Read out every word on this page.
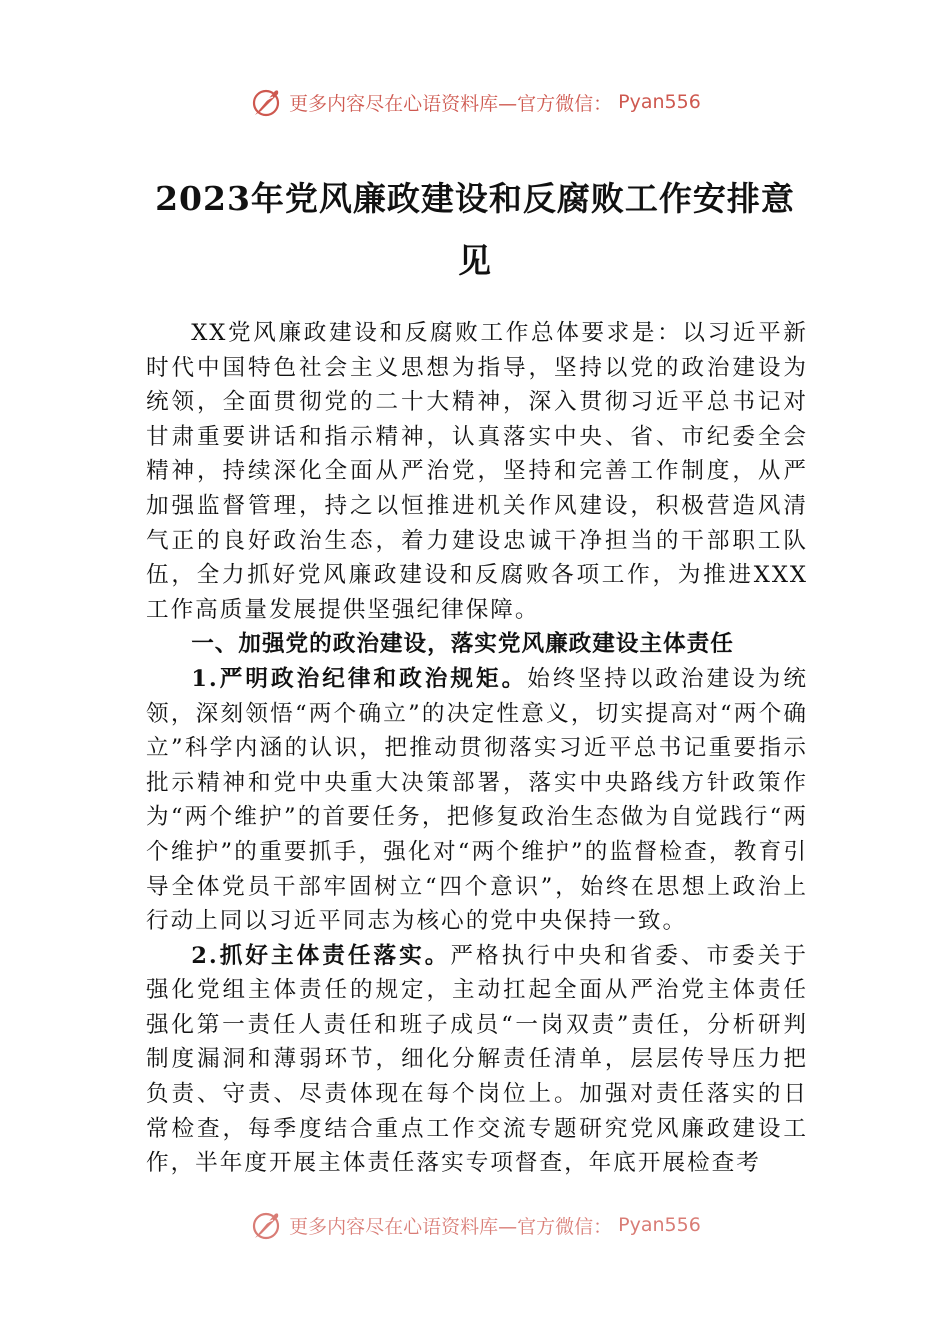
更多内容尽在心语资料库—官方微信： Pyan556
2023年党风廉政建设和反腐败工作安排意见

XX党风廉政建设和反腐败工作总体要求是：以习近平新时代中国特色社会主义思想为指导，坚持以党的政治建设为统领，全面贯彻党的二十大精神，深入贯彻习近平总书记对甘肃重要讲话和指示精神，认真落实中央、省、市纪委全会精神，持续深化全面从严治党，坚持和完善工作制度，从严加强监督管理，持之以恒推进机关作风建设，积极营造风清气正的良好政治生态，着力建设忠诚干净担当的干部职工队伍，全力抓好党风廉政建设和反腐败各项工作，为推进XXX工作高质量发展提供坚强纪律保障。

一、加强党的政治建设，落实党风廉政建设主体责任

1.严明政治纪律和政治规矩。始终坚持以政治建设为统领，深刻领悟“两个确立”的决定性意义，切实提高对“两个确立”科学内涵的认识，把推动贯彻落实习近平总书记重要指示批示精神和党中央重大决策部署，落实中央路线方针政策作为“两个维护”的首要任务，把修复政治生态做为自觉践行“两个维护”的重要抓手，强化对“两个维护”的监督检查，教育引导全体党员干部牢固树立“四个意识”，始终在思想上政治上行动上同以习近平同志为核心的党中央保持一致。

2.抓好主体责任落实。严格执行中央和省委、市委关于强化党组主体责任的规定，主动扛起全面从严治党主体责任强化第一责任人责任和班子成员“一岗双责”责任，分析研判制度漏洞和薄弱环节，细化分解责任清单，层层传导压力把负责、守责、尽责体现在每个岗位上。加强对责任落实的日常检查，每季度结合重点工作交流专题研究党风廉政建设工作，半年度开展主体责任落实专项督查，年底开展检查考

更多内容尽在心语资料库—官方微信： Pyan556
